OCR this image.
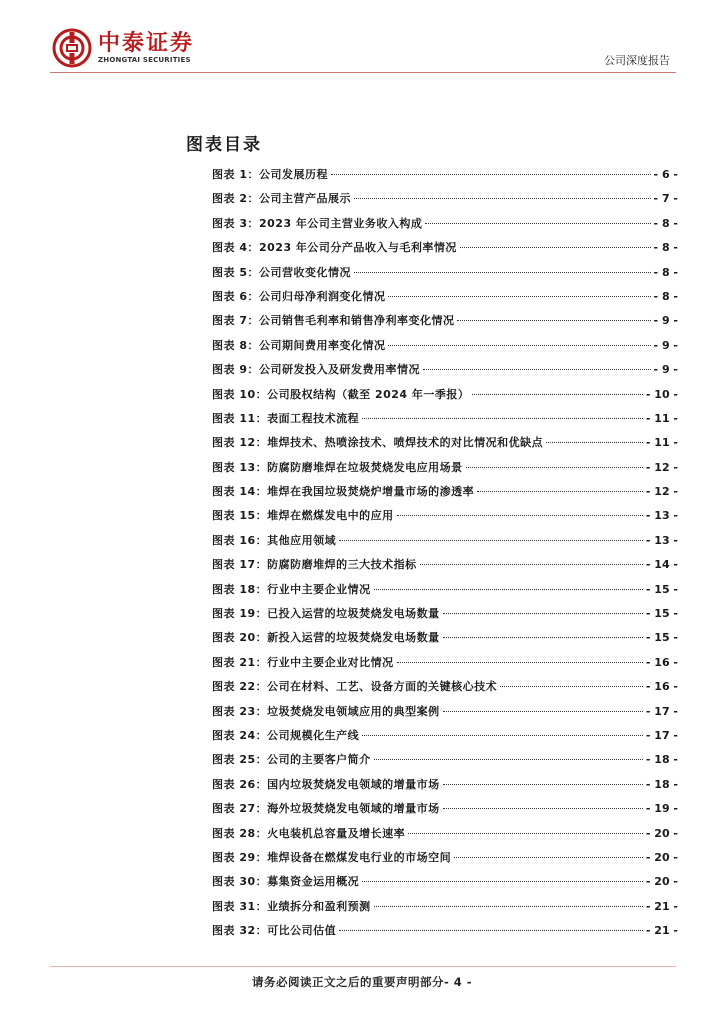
中泰证券
ZHONGTAI SECURITIES	公司深度报告
图表目录
图表 1：公司发展历程	- 6 -
图表 2：公司主营产品展示	- 7 -
图表 3：2023 年公司主营业务收入构成	- 8 -
图表 4：2023 年公司分产品收入与毛利率情况	- 8 -
图表 5：公司营收变化情况	- 8 -
图表 6：公司归母净利润变化情况	- 8 -
图表 7：公司销售毛利率和销售净利率变化情况	- 9 -
图表 8：公司期间费用率变化情况	- 9 -
图表 9：公司研发投入及研发费用率情况	- 9 -
图表 10：公司股权结构（截至 2024 年一季报）	- 10 -
图表 11：表面工程技术流程	- 11 -
图表 12：堆焊技术、热喷涂技术、喷焊技术的对比情况和优缺点	- 11 -
图表 13：防腐防磨堆焊在垃圾焚烧发电应用场景	- 12 -
图表 14：堆焊在我国垃圾焚烧炉增量市场的渗透率	- 12 -
图表 15：堆焊在燃煤发电中的应用	- 13 -
图表 16：其他应用领域	- 13 -
图表 17：防腐防磨堆焊的三大技术指标	- 14 -
图表 18：行业中主要企业情况	- 15 -
图表 19：已投入运营的垃圾焚烧发电场数量	- 15 -
图表 20：新投入运营的垃圾焚烧发电场数量	- 15 -
图表 21：行业中主要企业对比情况	- 16 -
图表 22：公司在材料、工艺、设备方面的关键核心技术	- 16 -
图表 23：垃圾焚烧发电领域应用的典型案例	- 17 -
图表 24：公司规模化生产线	- 17 -
图表 25：公司的主要客户简介	- 18 -
图表 26：国内垃圾焚烧发电领域的增量市场	- 18 -
图表 27：海外垃圾焚烧发电领域的增量市场	- 19 -
图表 28：火电装机总容量及增长速率	- 20 -
图表 29：堆焊设备在燃煤发电行业的市场空间	- 20 -
图表 30：募集资金运用概况	- 20 -
图表 31：业绩拆分和盈利预测	- 21 -
图表 32：可比公司估值	- 21 -
请务必阅读正文之后的重要声明部分- 4 -
